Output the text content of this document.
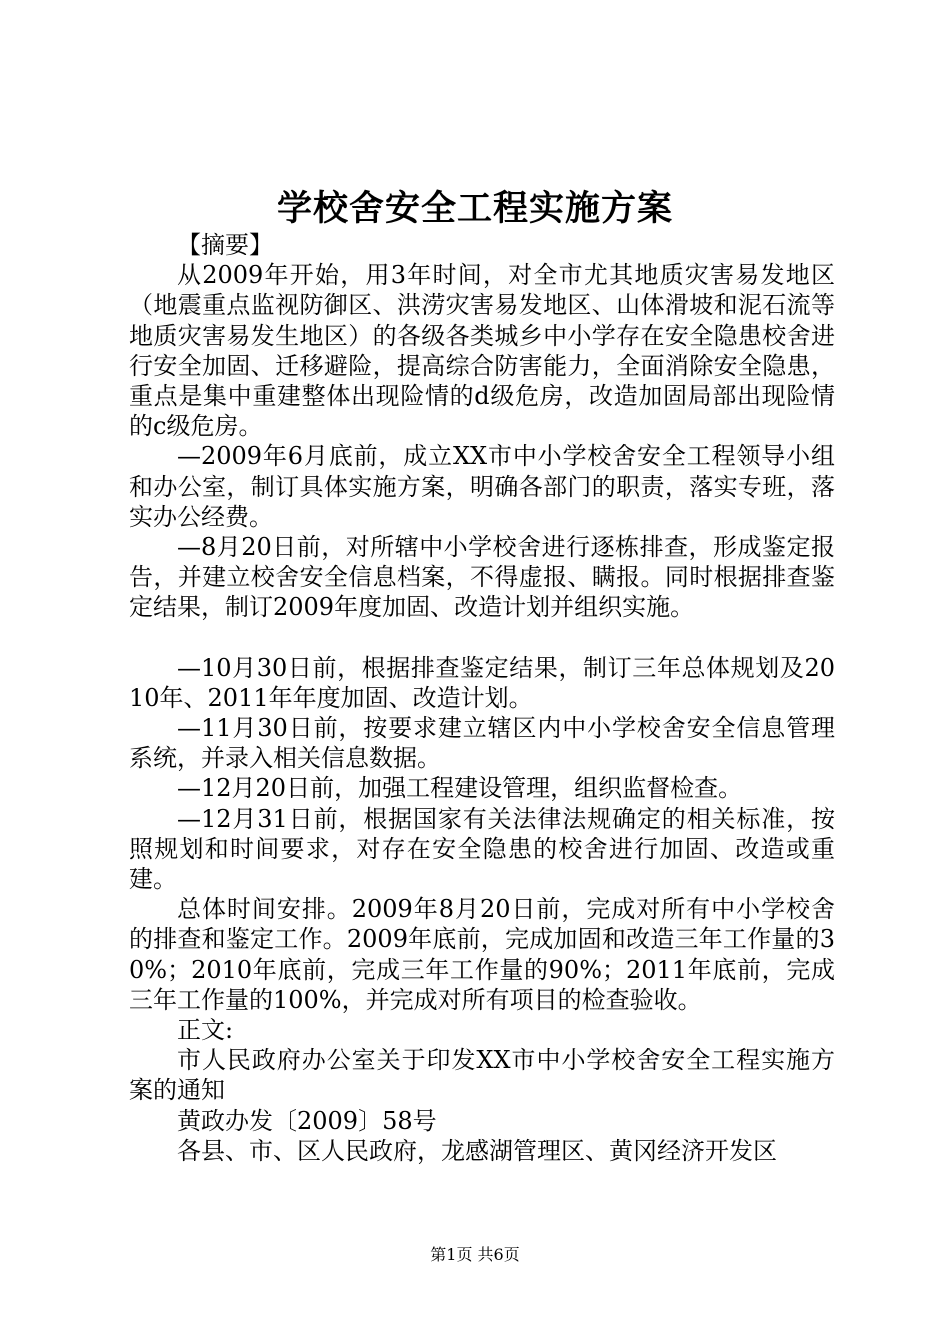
学校舍安全工程实施方案

【摘要】

从2009年开始，用3年时间，对全市尤其地质灾害易发地区（地震重点监视防御区、洪涝灾害易发地区、山体滑坡和泥石流等地质灾害易发生地区）的各级各类城乡中小学存在安全隐患校舍进行安全加固、迁移避险，提高综合防害能力，全面消除安全隐患，重点是集中重建整体出现险情的d级危房，改造加固局部出现险情的c级危房。

—2009年6月底前，成立XX市中小学校舍安全工程领导小组和办公室，制订具体实施方案，明确各部门的职责，落实专班，落实办公经费。

—8月20日前，对所辖中小学校舍进行逐栋排查，形成鉴定报告，并建立校舍安全信息档案，不得虚报、瞒报。同时根据排查鉴定结果，制订2009年度加固、改造计划并组织实施。

—10月30日前，根据排查鉴定结果，制订三年总体规划及2010年、2011年年度加固、改造计划。

—11月30日前，按要求建立辖区内中小学校舍安全信息管理系统，并录入相关信息数据。

—12月20日前，加强工程建设管理，组织监督检查。

—12月31日前，根据国家有关法律法规确定的相关标准，按照规划和时间要求，对存在安全隐患的校舍进行加固、改造或重建。

总体时间安排。2009年8月20日前，完成对所有中小学校舍的排查和鉴定工作。2009年底前，完成加固和改造三年工作量的30%；2010年底前，完成三年工作量的90%；2011年底前，完成三年工作量的100%，并完成对所有项目的检查验收。

正文:

市人民政府办公室关于印发XX市中小学校舍安全工程实施方案的通知

黄政办发〔2009〕58号

各县、市、区人民政府，龙感湖管理区、黄冈经济开发区

第1页 共6页
